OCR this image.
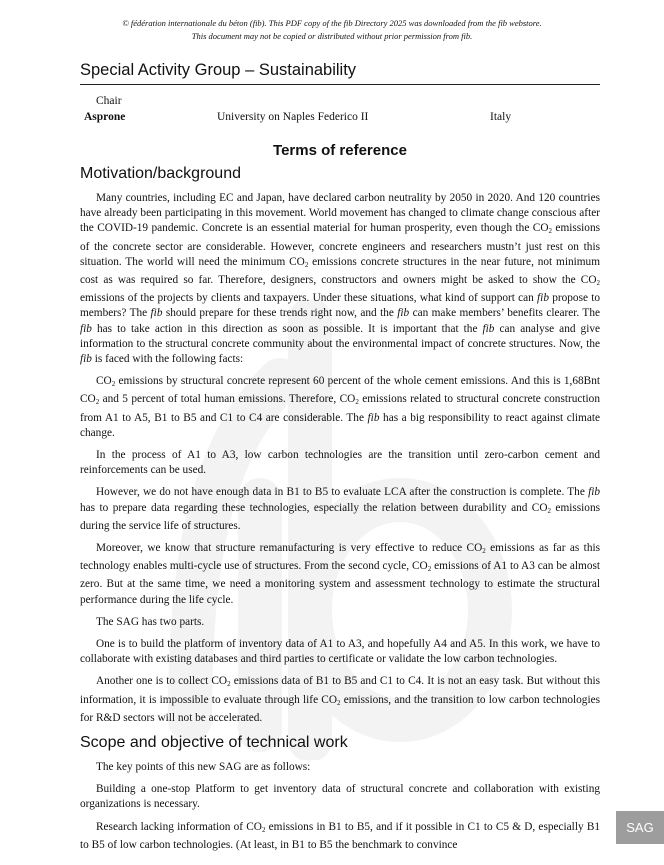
© fédération internationale du béton (fib). This PDF copy of the fib Directory 2025 was downloaded from the fib webstore.
This document may not be copied or distributed without prior permission from fib.
Special Activity Group – Sustainability
Chair
Asprone	University on Naples Federico II	Italy
Terms of reference
Motivation/background

Many countries, including EC and Japan, have declared carbon neutrality by 2050 in 2020. And 120 countries have already been participating in this movement. World movement has changed to climate change conscious after the COVID-19 pandemic. Concrete is an essential material for human prosperity, even though the $CO_2$ emissions of the concrete sector are considerable. However, concrete engineers and researchers mustn’t just rest on this situation. The world will need the minimum $CO_2$ emissions concrete structures in the near future, not minimum cost as was required so far. Therefore, designers, constructors and owners might be asked to show the $CO_2$ emissions of the projects by clients and taxpayers. Under these situations, what kind of support can fib propose to members? The fib should prepare for these trends right now, and the fib can make members’ benefits clearer. The fib has to take action in this direction as soon as possible. It is important that the fib can analyse and give information to the structural concrete community about the environmental impact of concrete structures. Now, the fib is faced with the following facts:

$CO_2$ emissions by structural concrete represent 60 percent of the whole cement emissions. And this is 1,68Bnt $CO_2$ and 5 percent of total human emissions. Therefore, $CO_2$ emissions related to structural concrete construction from A1 to A5, B1 to B5 and C1 to C4 are considerable. The fib has a big responsibility to react against climate change.

In the process of A1 to A3, low carbon technologies are the transition until zero-carbon cement and reinforcements can be used.

However, we do not have enough data in B1 to B5 to evaluate LCA after the construction is complete. The fib has to prepare data regarding these technologies, especially the relation between durability and $CO_2$ emissions during the service life of structures.

Moreover, we know that structure remanufacturing is very effective to reduce $CO_2$ emissions as far as this technology enables multi-cycle use of structures. From the second cycle, $CO_2$ emissions of A1 to A3 can be almost zero. But at the same time, we need a monitoring system and assessment technology to estimate the structural performance during the life cycle.

The SAG has two parts.

One is to build the platform of inventory data of A1 to A3, and hopefully A4 and A5. In this work, we have to collaborate with existing databases and third parties to certificate or validate the low carbon technologies.

Another one is to collect $CO_2$ emissions data of B1 to B5 and C1 to C4. It is not an easy task. But without this information, it is impossible to evaluate through life $CO_2$ emissions, and the transition to low carbon technologies for R&D sectors will not be accelerated.

Scope and objective of technical work

The key points of this new SAG are as follows:

Building a one-stop Platform to get inventory data of structural concrete and collaboration with existing organizations is necessary.

Research lacking information of $CO_2$ emissions in B1 to B5, and if it possible in C1 to C5 & D, especially B1 to B5 of low carbon technologies. (At least, in B1 to B5 the benchmark to convince

SAG
